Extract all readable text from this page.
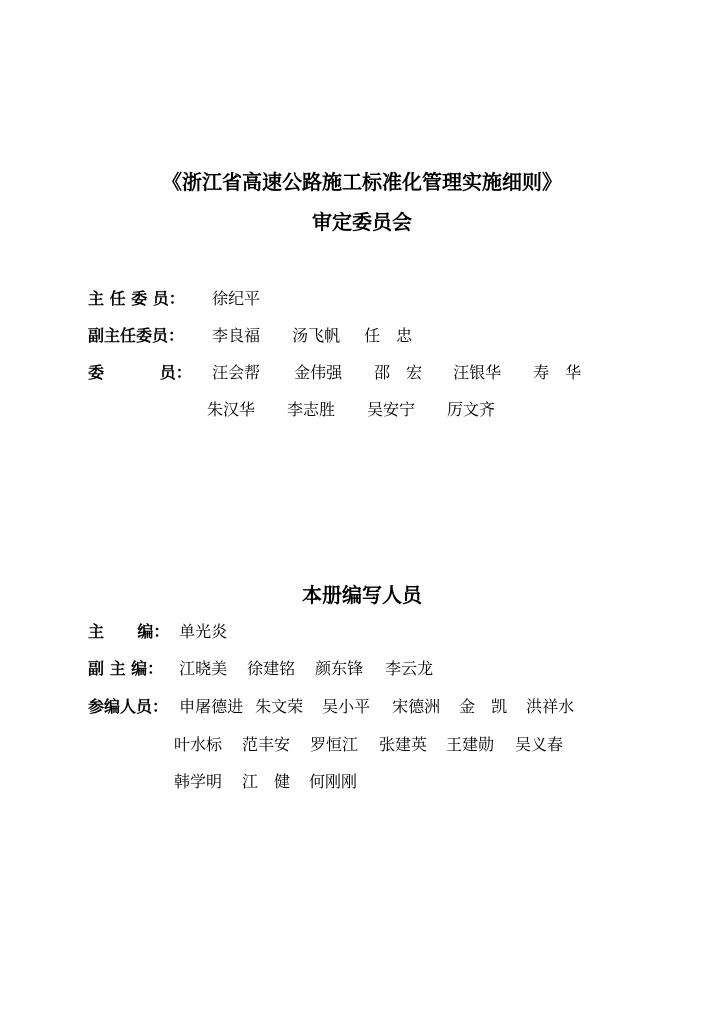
《浙江省高速公路施工标准化管理实施细则》
审定委员会
主 任 委 员： 徐纪平
副主任委员： 李良福 汤飞帆 任　忠
委          员： 汪会帮 金伟强 邵　宏 汪银华 寿　华
朱汉华 李志胜 吴安宁 厉文齐
本册编写人员
主      编： 单光炎
副 主 编： 江晓美 徐建铭 颜东锋 李云龙
参编人员： 申屠德进 朱文荣 吴小平 宋德洲 金　凯 洪祥水
叶水标 范丰安 罗恒江 张建英 王建勋 吴义春
韩学明 江　健 何刚刚
